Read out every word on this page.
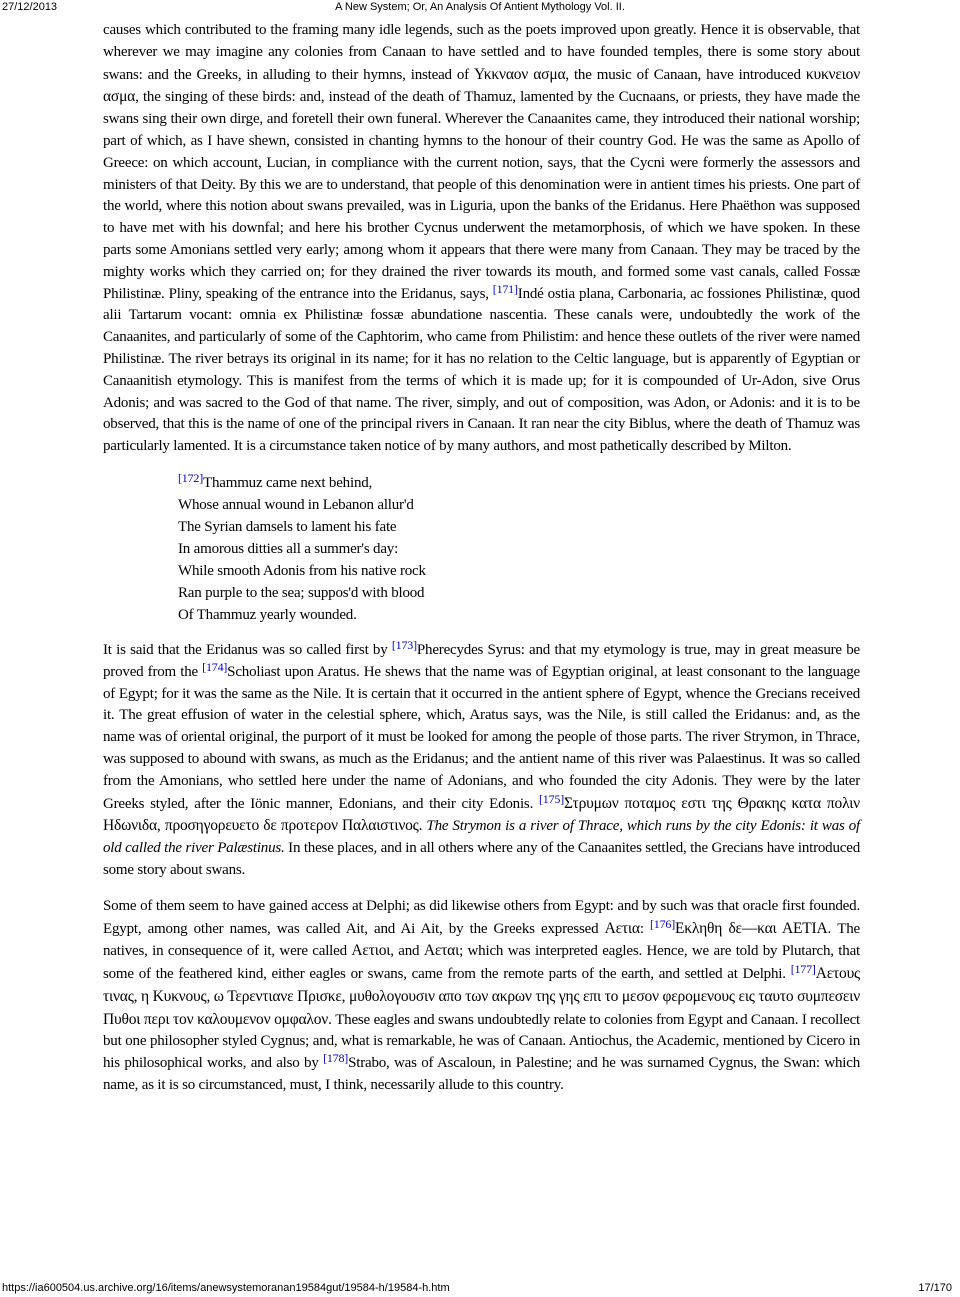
27/12/2013	A New System; Or, An Analysis Of Antient Mythology Vol. II.

causes which contributed to the framing many idle legends, such as the poets improved upon greatly. Hence it is observable, that wherever we may imagine any colonies from Canaan to have settled and to have founded temples, there is some story about swans: and the Greeks, in alluding to their hymns, instead of Υκκναον ασμα, the music of Canaan, have introduced κυκνειον ασμα, the singing of these birds: and, instead of the death of Thamuz, lamented by the Cucnaans, or priests, they have made the swans sing their own dirge, and foretell their own funeral. Wherever the Canaanites came, they introduced their national worship; part of which, as I have shewn, consisted in chanting hymns to the honour of their country God. He was the same as Apollo of Greece: on which account, Lucian, in compliance with the current notion, says, that the Cycni were formerly the assessors and ministers of that Deity. By this we are to understand, that people of this denomination were in antient times his priests. One part of the world, where this notion about swans prevailed, was in Liguria, upon the banks of the Eridanus. Here Phaëthon was supposed to have met with his downfal; and here his brother Cycnus underwent the metamorphosis, of which we have spoken. In these parts some Amonians settled very early; among whom it appears that there were many from Canaan. They may be traced by the mighty works which they carried on; for they drained the river towards its mouth, and formed some vast canals, called Fossæ Philistinæ. Pliny, speaking of the entrance into the Eridanus, says, [171]Indé ostia plana, Carbonaria, ac fossiones Philistinæ, quod alii Tartarum vocant: omnia ex Philistinæ fossæ abundatione nascentia. These canals were, undoubtedly the work of the Canaanites, and particularly of some of the Caphtorim, who came from Philistim: and hence these outlets of the river were named Philistinæ. The river betrays its original in its name; for it has no relation to the Celtic language, but is apparently of Egyptian or Canaanitish etymology. This is manifest from the terms of which it is made up; for it is compounded of Ur-Adon, sive Orus Adonis; and was sacred to the God of that name. The river, simply, and out of composition, was Adon, or Adonis: and it is to be observed, that this is the name of one of the principal rivers in Canaan. It ran near the city Biblus, where the death of Thamuz was particularly lamented. It is a circumstance taken notice of by many authors, and most pathetically described by Milton.

[172]Thammuz came next behind,
Whose annual wound in Lebanon allur'd
The Syrian damsels to lament his fate
In amorous ditties all a summer's day:
While smooth Adonis from his native rock
Ran purple to the sea; suppos'd with blood
Of Thammuz yearly wounded.

It is said that the Eridanus was so called first by [173]Pherecydes Syrus: and that my etymology is true, may in great measure be proved from the [174]Scholiast upon Aratus. He shews that the name was of Egyptian original, at least consonant to the language of Egypt; for it was the same as the Nile. It is certain that it occurred in the antient sphere of Egypt, whence the Grecians received it. The great effusion of water in the celestial sphere, which, Aratus says, was the Nile, is still called the Eridanus: and, as the name was of oriental original, the purport of it must be looked for among the people of those parts. The river Strymon, in Thrace, was supposed to abound with swans, as much as the Eridanus; and the antient name of this river was Palaestinus. It was so called from the Amonians, who settled here under the name of Adonians, and who founded the city Adonis. They were by the later Greeks styled, after the Iönic manner, Edonians, and their city Edonis. [175]Στρυμων ποταμος εστι της Θρακης κατα πολιν Ηδωνιδα, προσηγορευετο δε προτερον Παλαιστινος. The Strymon is a river of Thrace, which runs by the city Edonis: it was of old called the river Palæstinus. In these places, and in all others where any of the Canaanites settled, the Grecians have introduced some story about swans.

Some of them seem to have gained access at Delphi; as did likewise others from Egypt: and by such was that oracle first founded. Egypt, among other names, was called Ait, and Ai Ait, by the Greeks expressed Αετια: [176]Εκληθη δε—και ΑΕΤΙΑ. The natives, in consequence of it, were called Αετιοι, and Αεται; which was interpreted eagles. Hence, we are told by Plutarch, that some of the feathered kind, either eagles or swans, came from the remote parts of the earth, and settled at Delphi. [177]Αετους τινας, η Κυκνους, ω Τερεντιανε Πρισκε, μυθολογουσιν απο των ακρων της γης επι το μεσον φερομενους εις ταυτο συμπεσειν Πυθοι περι τον καλουμενον ομφαλον. These eagles and swans undoubtedly relate to colonies from Egypt and Canaan. I recollect but one philosopher styled Cygnus; and, what is remarkable, he was of Canaan. Antiochus, the Academic, mentioned by Cicero in his philosophical works, and also by [178]Strabo, was of Ascaloun, in Palestine; and he was surnamed Cygnus, the Swan: which name, as it is so circumstanced, must, I think, necessarily allude to this country.

https://ia600504.us.archive.org/16/items/anewsystemoranan19584gut/19584-h/19584-h.htm	17/170
